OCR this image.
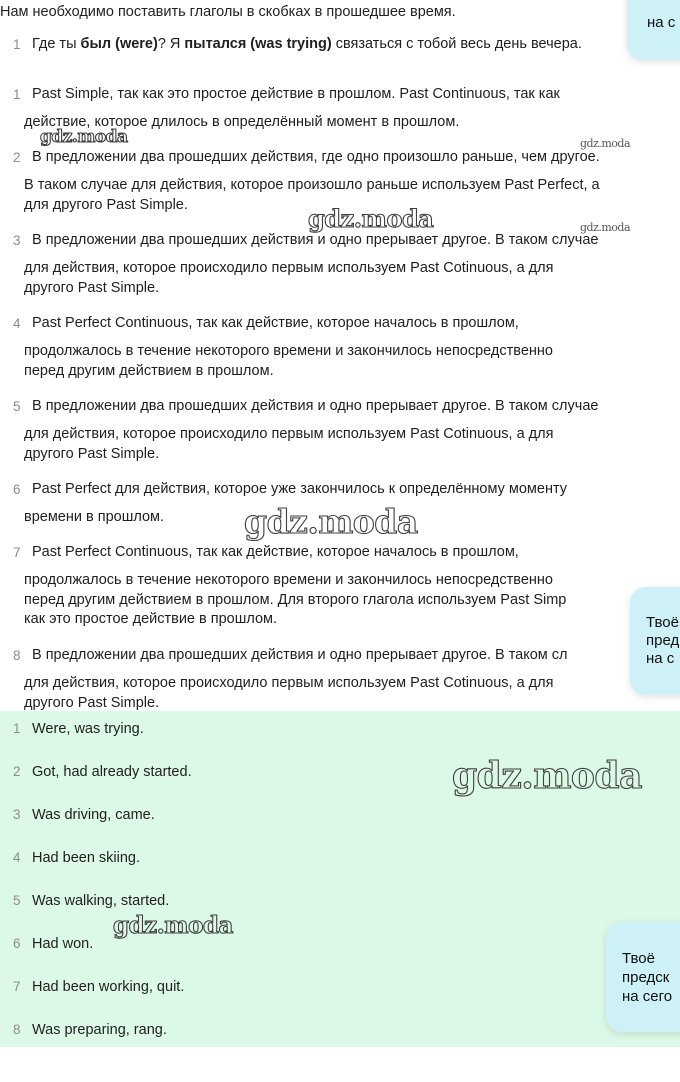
Нам необходимо поставить глаголы в скобках в прошедшее время.
1 Где ты был (were)? Я пытался (was trying) связаться с тобой весь день вечера.
1 Past Simple, так как это простое действие в прошлом. Past Continuous, так как
действие, которое длилось в определённый момент в прошлом.
2 В предложении два прошедших действия, где одно произошло раньше, чем другое.
В таком случае для действия, которое произошло раньше используем Past Perfect, а
для другого Past Simple.
3 В предложении два прошедших действия и одно прерывает другое. В таком случае
для действия, которое происходило первым используем Past Cotinuous, а для
другого Past Simple.
4 Past Perfect Continuous, так как действие, которое началось в прошлом,
продолжалось в течение некоторого времени и закончилось непосредственно
перед другим действием в прошлом.
5 В предложении два прошедших действия и одно прерывает другое. В таком случае
для действия, которое происходило первым используем Past Cotinuous, а для
другого Past Simple.
6 Past Perfect для действия, которое уже закончилось к определённому моменту
времени в прошлом.
7 Past Perfect Continuous, так как действие, которое началось в прошлом,
продолжалось в течение некоторого времени и закончилось непосредственно
перед другим действием в прошлом. Для второго глагола используем Past Simp
как это простое действие в прошлом.
8 В предложении два прошедших действия и одно прерывает другое. В таком сл
для действия, которое происходило первым используем Past Cotinuous, а для
другого Past Simple.
gdz.moda	gdz.moda
gdz.moda	gdz.moda
gdz.moda
gdz.moda
gdz.moda
1 Were, was trying.
2 Got, had already started.
3 Was driving, came.
4 Had been skiing.
5 Was walking, started.
6 Had won.
7 Had been working, quit.
8 Was preparing, rang.
на с
Твоё
пред
на с
Твоё
предск
на сего
